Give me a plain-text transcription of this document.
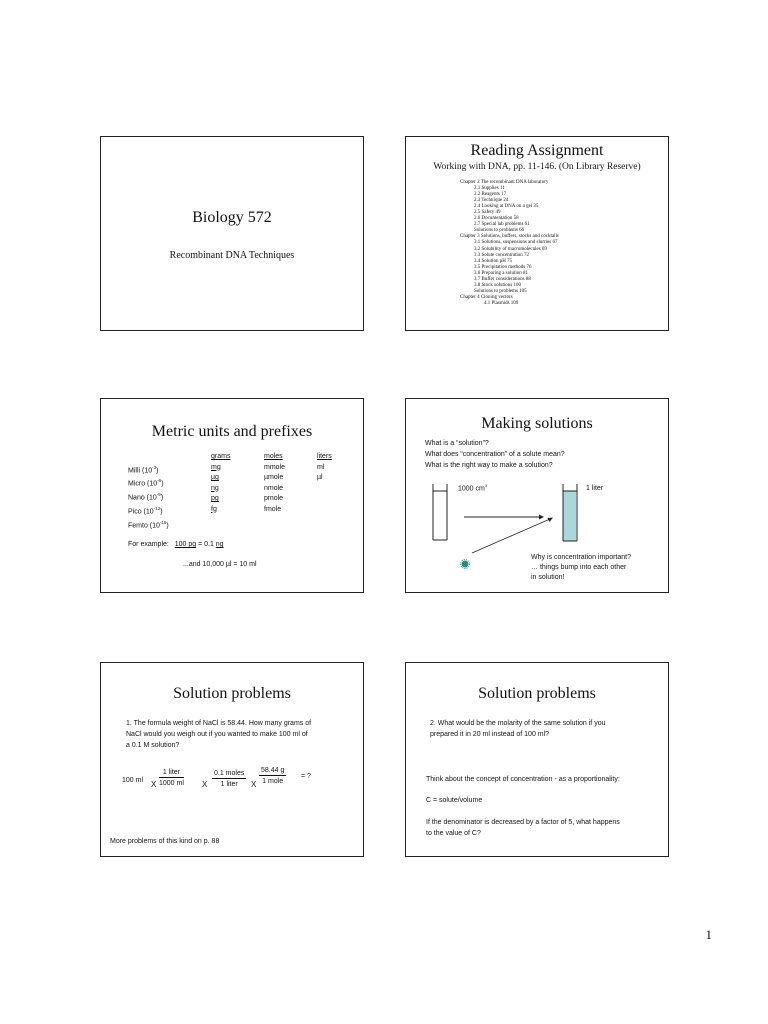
Biology 572
Recombinant DNA Techniques
Reading Assignment
Working with DNA, pp. 11-146. (On Library Reserve)
Chapter 2 The recombinant DNA laboratory
2.1 Supplies 11
2.2 Reagents 17
2.3 Technique 24
2.4 Looking at DNA on a gel 35
2.5 Safety 49
2.6 Documentation 58
2.7 Special lab problems 61
Solutions to problems 66
Chapter 3 Solutions, buffers, stocks and cocktails
3.1 Solutions, suspensions and slurries 67
3.2 Solubility of macromolecules 69
3.3 Solute concentration 72
3.4 Solution pH 75
3.5 Precipitation methods 76
3.6 Preparing a solution 81
3.7 Buffer considerations 88
3.8 Stock solutions 100
Solutions to problems 105
Chapter 4 Cloning vectors
4.1 Plasmids 109
Metric units and prefixes

Milli $(10^{-3})$
Micro $(10^{-6})$
Nano $(10^{-9})$
Pico $(10^{-12})$
Femto $(10^{-15})$
grams
mg
µg
ng
pg
fg
moles
mmole
µmole
nmole
pmole
fmole
liters
ml
µl

For example: 100 pg = 0.1 ng
...and 10,000 µl = 10 ml
Making solutions
What is a “solution”?
What does “concentration” of a solute mean?
What is the right way to make a solution?
1000 $cm^3$	1 liter
Why is concentration important?
… things bump into each other
in solution!
Solution problems
1. The formula weight of NaCl is 58.44. How many grams of
NaCl would you weigh out if you wanted to make 100 ml of
a 0.1 M solution?
100 ml X
1 liter
1000 ml X
0.1 moles
1 liter	X
58.44 g
1 mole
= ?
More problems of this kind on p. 88
Solution problems
2. What would be the molarity of the same solution if you
prepared it in 20 ml instead of 100 ml?
Think about the concept of concentration - as a proportionality:
C = solute/volume
If the denominator is decreased by a factor of 5, what happens
to the value of C?
1
